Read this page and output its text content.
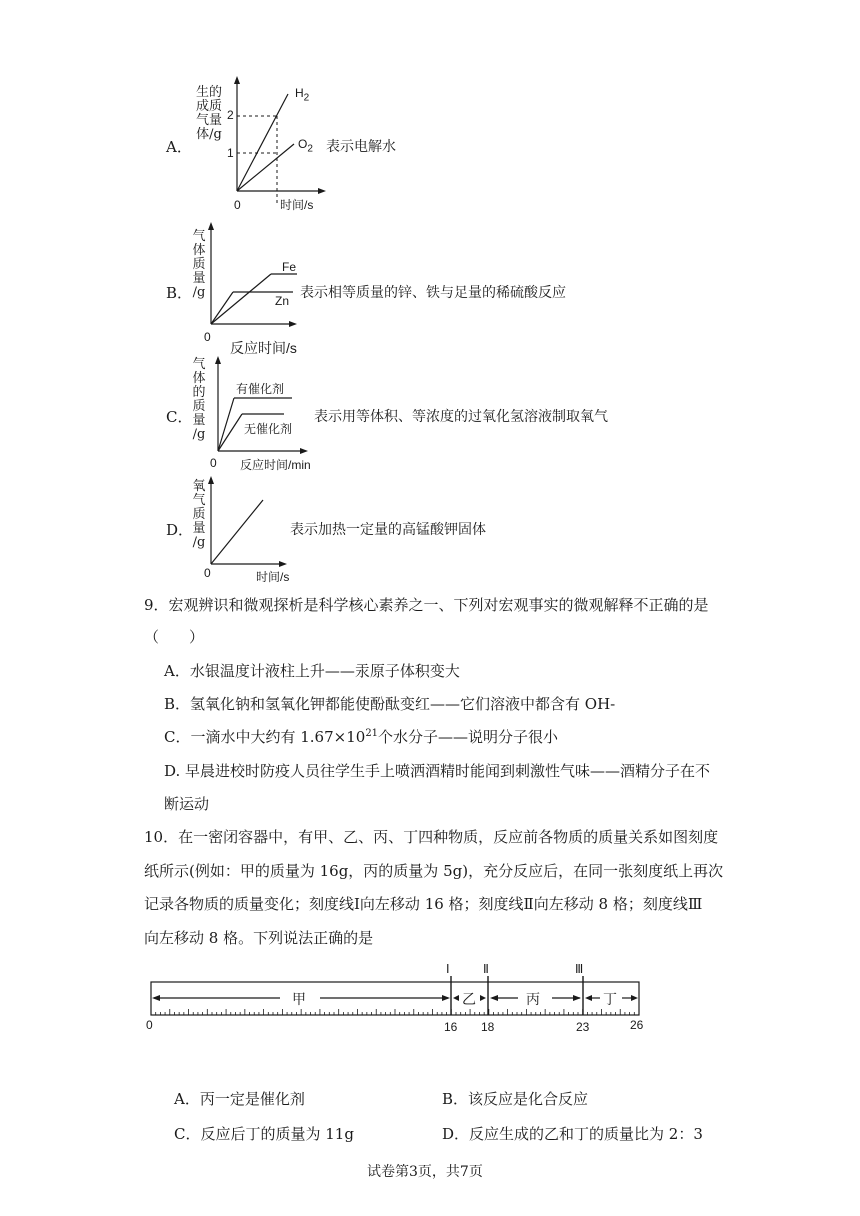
A．
生的
成质
气量
体/g
2
1
0	时间/s
$H_2$
$O_2$ 表示电解水
B．
气
体
质
量
/g
Fe
Zn
0
反应时间/s
表示相等质量的锌、铁与足量的稀硫酸反应
C．
气
体
的
质
量
/g
有催化剂
无催化剂
0 反应时间/min
表示用等体积、等浓度的过氧化氢溶液制取氧气
D．
氧
气
质
量
/g
0	时间/s
表示加热一定量的高锰酸钾固体
9．宏观辨识和微观探析是科学核心素养之一、下列对宏观事实的微观解释不正确的是
（　　）
A．水银温度计液柱上升——汞原子体积变大
B．氢氧化钠和氢氧化钾都能使酚酞变红——它们溶液中都含有 OH-
C．一滴水中大约有 $1.67\times 10^{21}$个水分子——说明分子很小
D. 早晨进校时防疫人员往学生手上喷洒酒精时能闻到刺激性气味——酒精分子在不
断运动
10．在一密闭容器中，有甲、乙、丙、丁四种物质，反应前各物质的质量关系如图刻度
纸所示(例如：甲的质量为 16g，丙的质量为 5g)，充分反应后，在同一张刻度纸上再次
记录各物质的质量变化；刻度线Ⅰ向左移动 16 格；刻度线Ⅱ向左移动 8 格；刻度线Ⅲ
向左移动 8 格。下列说法正确的是
Ⅰ	Ⅱ	Ⅲ
甲	乙	丙	丁
0	16 18	23	26
A．丙一定是催化剂	B．该反应是化合反应
C．反应后丁的质量为 11g	D．反应生成的乙和丁的质量比为 2：3
试卷第3页，共7页
